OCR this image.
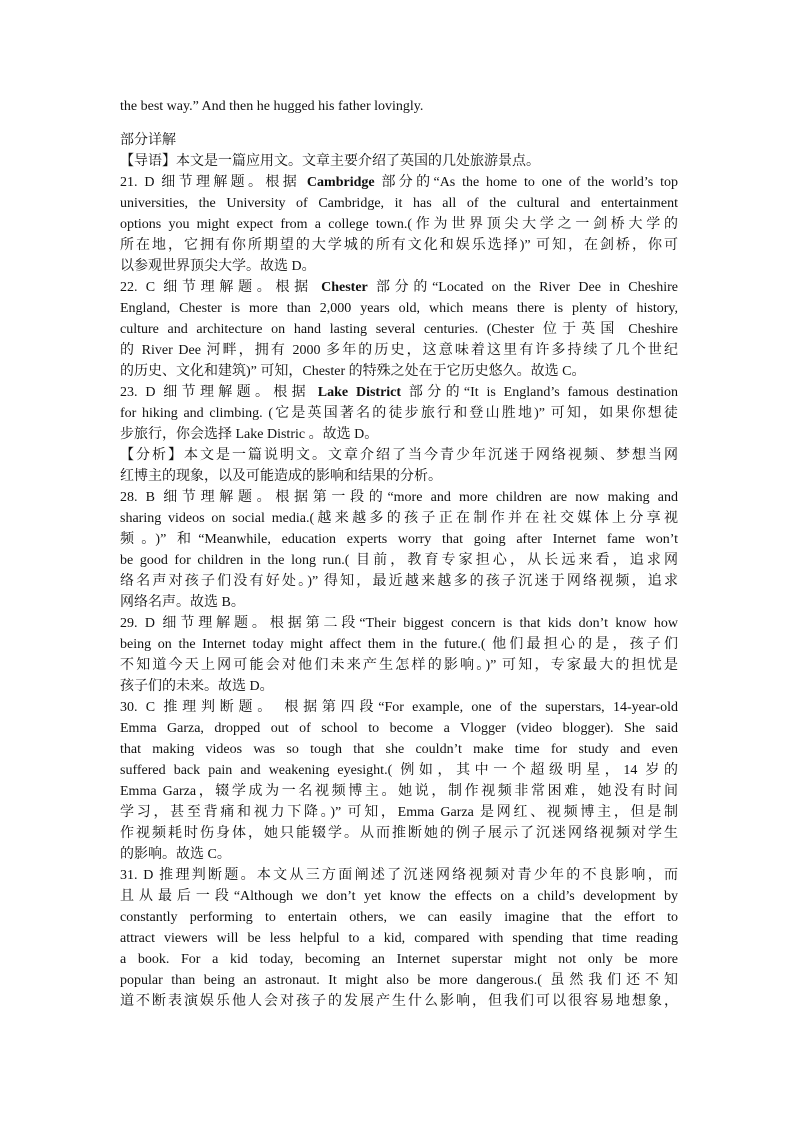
the best way.” And then he hugged his father lovingly.
部分详解
【导语】本文是一篇应用文。文章主要介绍了英国的几处旅游景点。
21. D 细节理解题。根据 Cambridge 部分的“As the home to one of the world’s top
universities, the University of Cambridge, it has all of the cultural and entertainment
options you might expect from a college town.(作为世界顶尖大学之一剑桥大学的
所在地，它拥有你所期望的大学城的所有文化和娱乐选择)” 可知，在剑桥，你可
以参观世界顶尖大学。故选 D。
22. C 细节理解题。根据 Chester 部分的“Located on the River Dee in Cheshire
England, Chester is more than 2,000 years old, which means there is plenty of history,
culture and architecture on hand lasting several centuries. (Chester 位于英国 Cheshire
的 River Dee 河畔，拥有 2000 多年的历史，这意味着这里有许多持续了几个世纪
的历史、文化和建筑)” 可知，Chester 的特殊之处在于它历史悠久。故选 C。
23. D 细节理解题。根据 Lake District 部分的“It is England’s famous destination
for hiking and climbing. (它是英国著名的徒步旅行和登山胜地)” 可知，如果你想徒
步旅行，你会选择 Lake Distric 。故选 D。
【分析】本文是一篇说明文。文章介绍了当今青少年沉迷于网络视频、梦想当网
红博主的现象，以及可能造成的影响和结果的分析。
28. B 细节理解题。根据第一段的“more and more children are now making and
sharing videos on social media.(越来越多的孩子正在制作并在社交媒体上分享视
频。)” 和“Meanwhile, education experts worry that going after Internet fame won’t
be good for children in the long run.( 目前，教育专家担心，从长远来看，追求网
络名声对孩子们没有好处。)” 得知，最近越来越多的孩子沉迷于网络视频，追求
网络名声。故选 B。
29. D 细节理解题。根据第二段“Their biggest concern is that kids don’t know how
being on the Internet today might affect them in the future.( 他们最担心的是，孩子们
不知道今天上网可能会对他们未来产生怎样的影响。)” 可知，专家最大的担忧是
孩子们的未来。故选 D。
30. C 推理判断题。 根据第四段“For example, one of the superstars, 14-year-old
Emma Garza, dropped out of school to become a Vlogger (video blogger). She said
that making videos was so tough that she couldn’t make time for study and even
suffered back pain and weakening eyesight.( 例如，其中一个超级明星，14 岁的
Emma Garza，辍学成为一名视频博主。她说，制作视频非常困难，她没有时间
学习，甚至背痛和视力下降。)” 可知，Emma Garza 是网红、视频博主，但是制
作视频耗时伤身体，她只能辍学。从而推断她的例子展示了沉迷网络视频对学生
的影响。故选 C。
31. D 推理判断题。本文从三方面阐述了沉迷网络视频对青少年的不良影响，而
且从最后一段“Although we don’t yet know the effects on a child’s development by
constantly performing to entertain others, we can easily imagine that the effort to
attract viewers will be less helpful to a kid, compared with spending that time reading
a book. For a kid today, becoming an Internet superstar might not only be more
popular than being an astronaut. It might also be more dangerous.( 虽然我们还不知
道不断表演娱乐他人会对孩子的发展产生什么影响，但我们可以很容易地想象，
